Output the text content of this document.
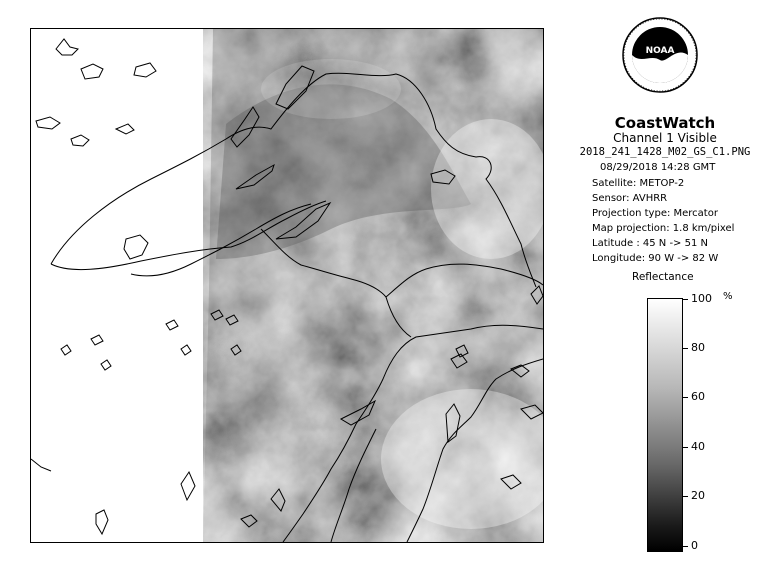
NOAA
CoastWatch
Channel 1 Visible
2018_241_1428_M02_GS_C1.PNG
08/29/2018 14:28 GMT
Satellite: METOP-2
Sensor: AVHRR
Projection type: Mercator
Map projection: 1.8 km/pixel
Latitude : 45 N -> 51 N
Longitude: 90 W -> 82 W
Reflectance
%
100
80
60
40
20
0
